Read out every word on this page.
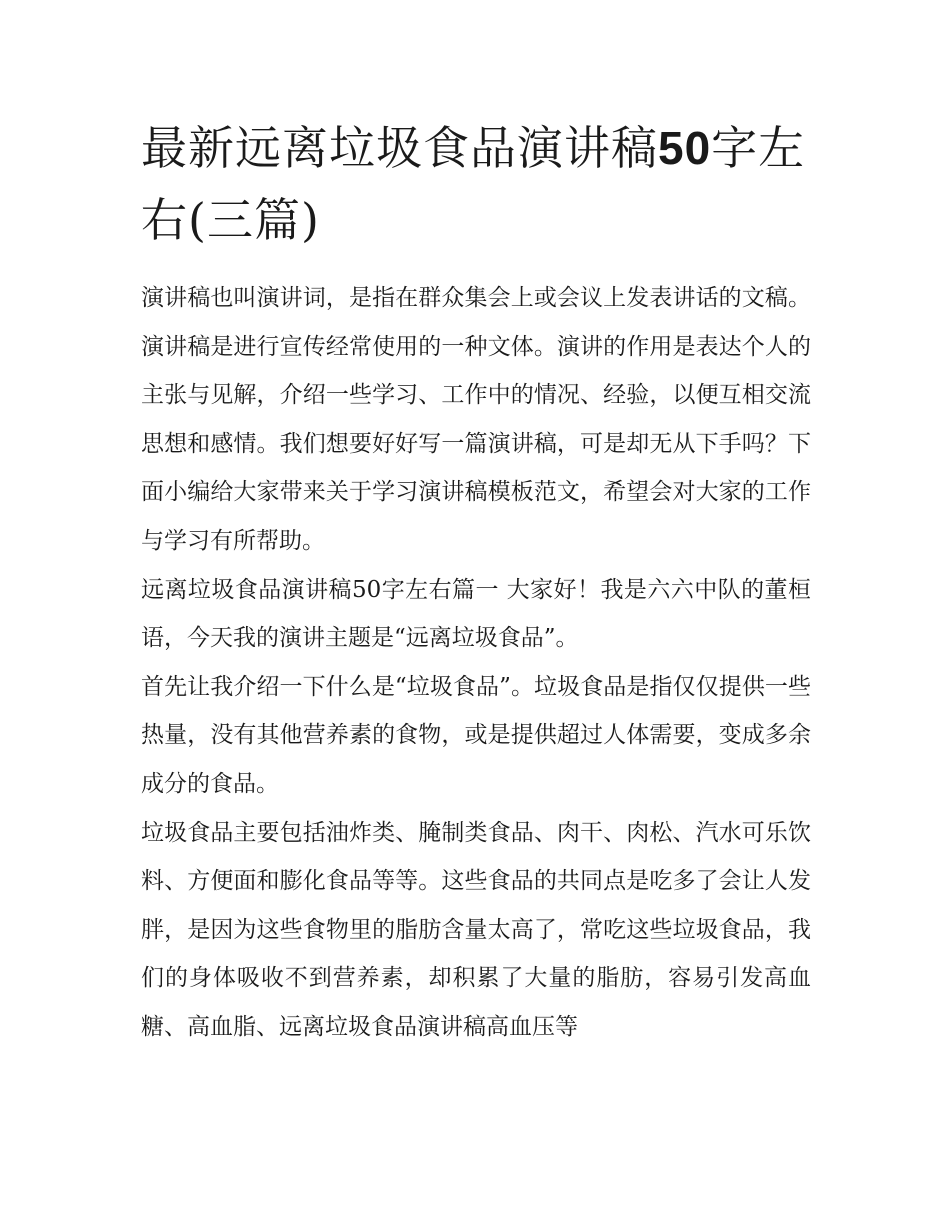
最新远离垃圾食品演讲稿50字左右(三篇)

演讲稿也叫演讲词，是指在群众集会上或会议上发表讲话的文稿。演讲稿是进行宣传经常使用的一种文体。演讲的作用是表达个人的主张与见解，介绍一些学习、工作中的情况、经验，以便互相交流思想和感情。我们想要好好写一篇演讲稿，可是却无从下手吗？下面小编给大家带来关于学习演讲稿模板范文，希望会对大家的工作与学习有所帮助。

远离垃圾食品演讲稿50字左右篇一 大家好！我是六六中队的董桓语，今天我的演讲主题是“远离垃圾食品”。

首先让我介绍一下什么是“垃圾食品”。垃圾食品是指仅仅提供一些热量，没有其他营养素的食物，或是提供超过人体需要，变成多余成分的食品。

垃圾食品主要包括油炸类、腌制类食品、肉干、肉松、汽水可乐饮料、方便面和膨化食品等等。这些食品的共同点是吃多了会让人发胖，是因为这些食物里的脂肪含量太高了，常吃这些垃圾食品，我们的身体吸收不到营养素，却积累了大量的脂肪，容易引发高血糖、高血脂、远离垃圾食品演讲稿高血压等
